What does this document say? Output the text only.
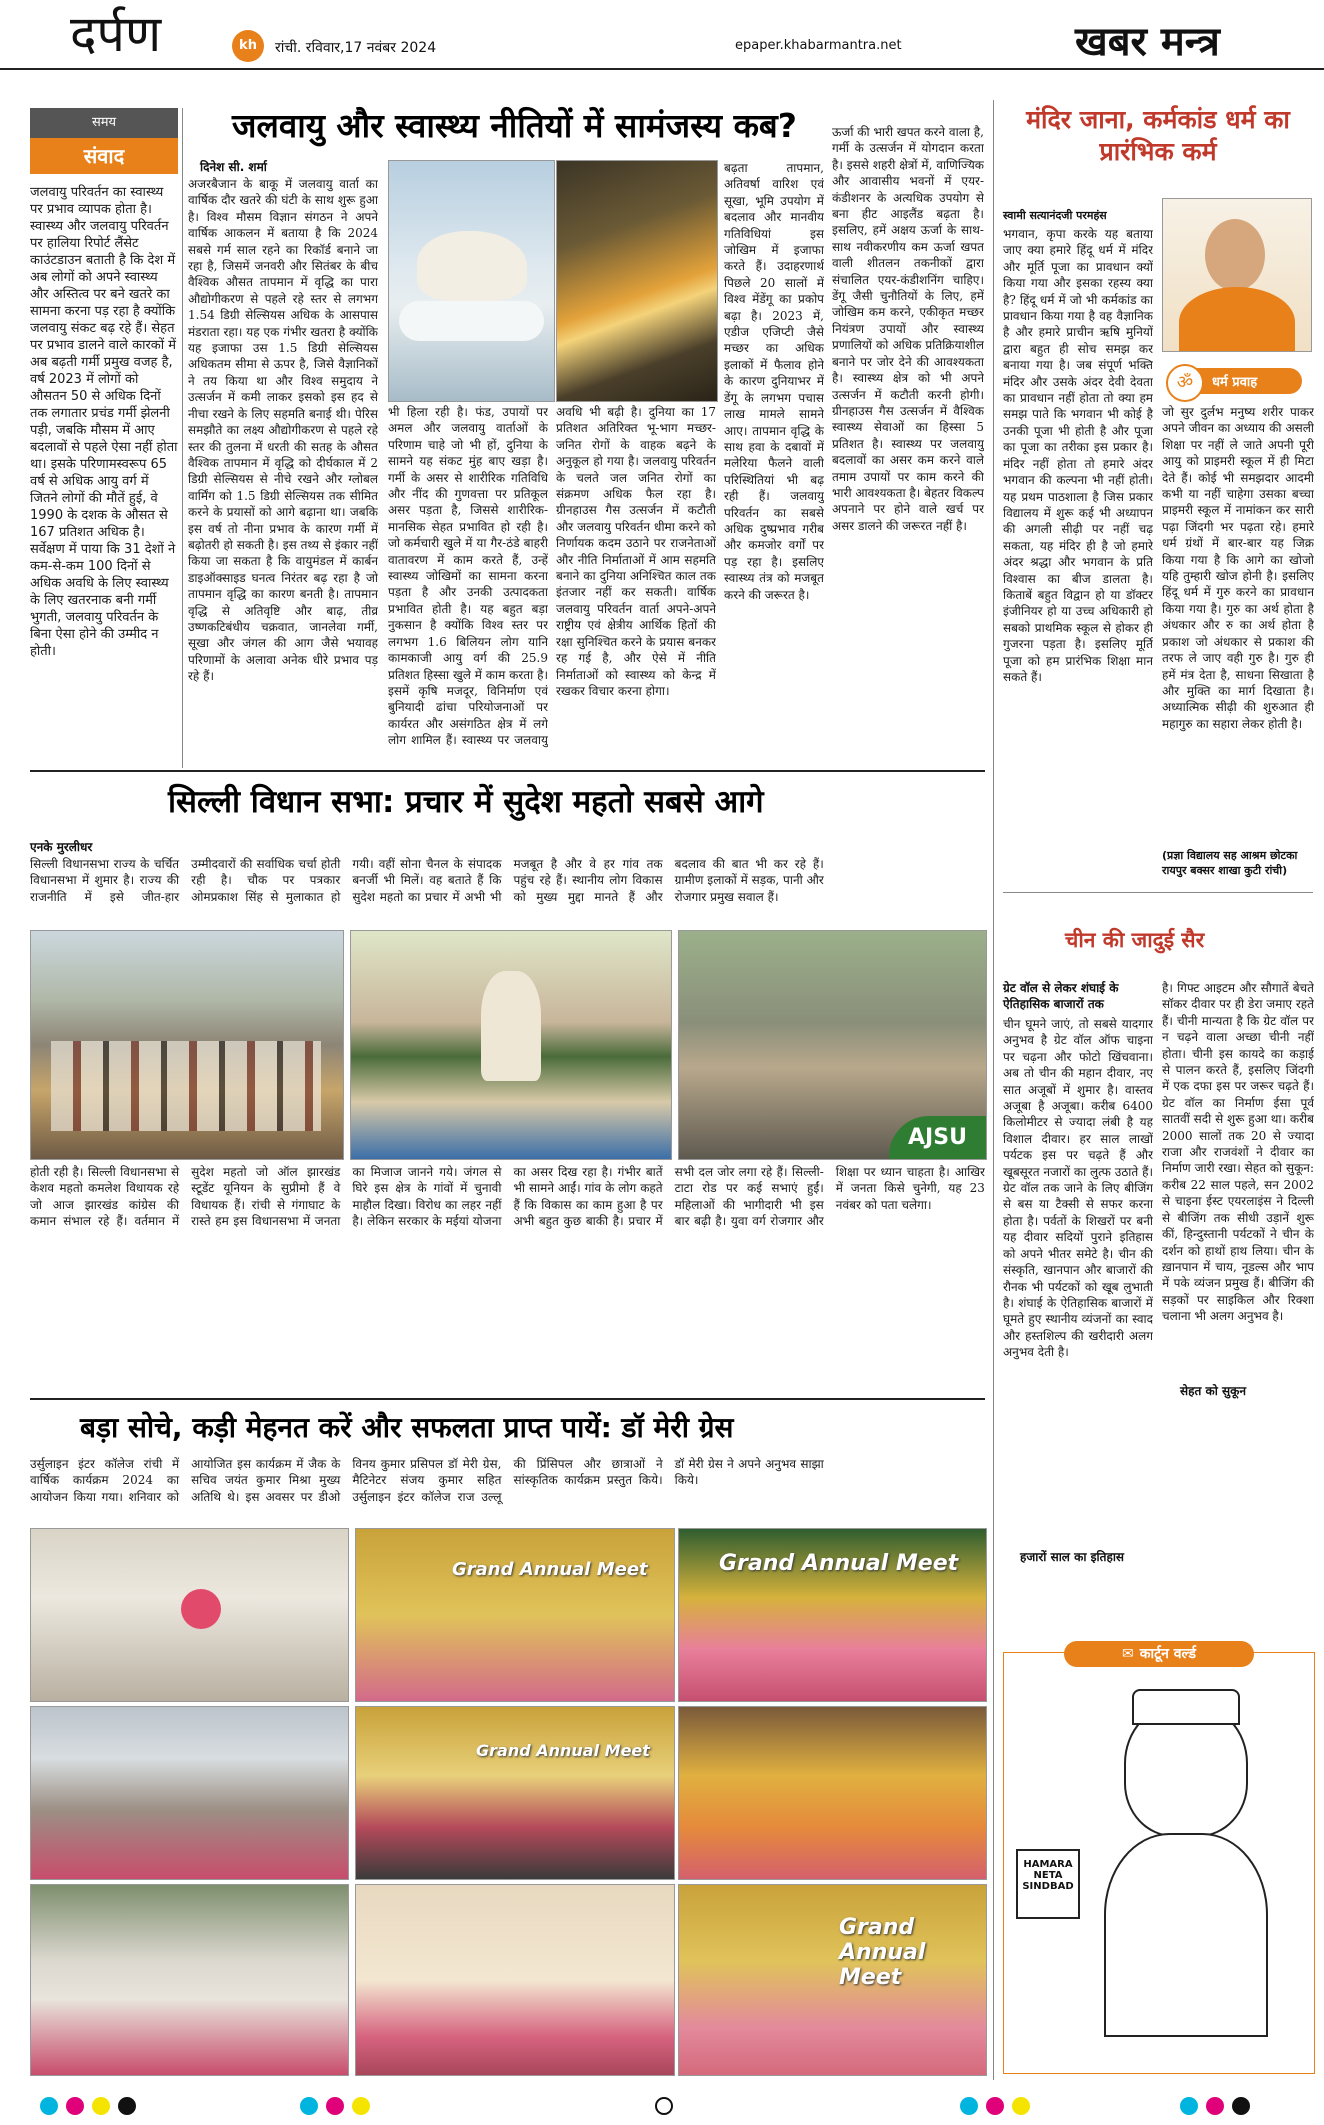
दर्पण	kh	रांची. रविवार,17 नवंबर 2024	epaper.khabarmantra.net	खबर मन्त्र
समय
संवाद
जलवायु परिवर्तन का स्वास्थ्य पर प्रभाव व्यापक होता है। स्वास्थ्य और जलवायु परिवर्तन पर हालिया रिपोर्ट लैंसेट काउंटडाउन बताती है कि देश में अब लोगों को अपने स्वास्थ्य और अस्तित्व पर बने खतरे का सामना करना पड़ रहा है क्योंकि जलवायु संकट बढ़ रहे हैं। सेहत पर प्रभाव डालने वाले कारकों में अब बढ़ती गर्मी प्रमुख वजह है, वर्ष 2023 में लोगों को औसतन 50 से अधिक दिनों तक लगातार प्रचंड गर्मी झेलनी पड़ी, जबकि मौसम में आए बदलावों से पहले ऐसा नहीं होता था। इसके परिणामस्वरूप 65 वर्ष से अधिक आयु वर्ग में जितने लोगों की मौतें हुई, वे 1990 के दशक के औसत से 167 प्रतिशत अधिक है। सर्वेक्षण में पाया कि 31 देशों ने कम-से-कम 100 दिनों से अधिक अवधि के लिए स्वास्थ्य के लिए खतरनाक बनी गर्मी भुगती, जलवायु परिवर्तन के बिना ऐसा होने की उम्मीद न होती।
जलवायु और स्वास्थ्य नीतियों में सामंजस्य कब?
दिनेश सी. शर्मा
अजरबैजान के बाकू में जलवायु वार्ता का वार्षिक दौर खतरे की घंटी के साथ शुरू हुआ है। विश्व मौसम विज्ञान संगठन ने अपने वार्षिक आकलन में बताया है कि 2024 सबसे गर्म साल रहने का रिकॉर्ड बनाने जा रहा है, जिसमें जनवरी और सितंबर के बीच वैश्विक औसत तापमान में वृद्धि का पारा औद्योगीकरण से पहले रहे स्तर से लगभग 1.54 डिग्री सेल्सियस अधिक के आसपास मंडराता रहा। यह एक गंभीर खतरा है क्योंकि यह इजाफा उस 1.5 डिग्री सेल्सियस अधिकतम सीमा से ऊपर है, जिसे वैज्ञानिकों ने तय किया था और विश्व समुदाय ने उत्सर्जन में कमी लाकर इसको इस हद से नीचा रखने के लिए सहमति बनाई थी। पेरिस समझौते का लक्ष्य औद्योगीकरण से पहले रहे स्तर की तुलना में धरती की सतह के औसत वैश्विक तापमान में वृद्धि को दीर्घकाल में 2 डिग्री सेल्सियस से नीचे रखने और ग्लोबल वार्मिंग को 1.5 डिग्री सेल्सियस तक सीमित करने के प्रयासों को आगे बढ़ाना था। जबकि इस वर्ष तो नीना प्रभाव के कारण गर्मी में बढ़ोतरी हो सकती है। इस तथ्य से इंकार नहीं किया जा सकता है कि वायुमंडल में कार्बन डाइऑक्साइड घनत्व निरंतर बढ़ रहा है जो तापमान वृद्धि का कारण बनती है। तापमान वृद्धि से अतिवृष्टि और बाढ़, तीव्र उष्णकटिबंधीय चक्रवात, जानलेवा गर्मी, सूखा और जंगल की आग जैसे भयावह परिणामों के अलावा अनेक धीरे प्रभाव पड़ रहे हैं।
भी हिला रही है। फंड, उपायों पर अमल और जलवायु वार्ताओं के परिणाम चाहे जो भी हों, दुनिया के सामने यह संकट मुंह बाए खड़ा है। गर्मी के असर से शारीरिक गतिविधि और नींद की गुणवत्ता पर प्रतिकूल असर पड़ता है, जिससे शारीरिक-मानसिक सेहत प्रभावित हो रही है। जो कर्मचारी खुले में या गैर-ठंडे बाहरी वातावरण में काम करते हैं, उन्हें स्वास्थ्य जोखिमों का सामना करना पड़ता है और उनकी उत्पादकता प्रभावित होती है। यह बहुत बड़ा नुकसान है क्योंकि विश्व स्तर पर लगभग 1.6 बिलियन लोग यानि कामकाजी आयु वर्ग की 25.9 प्रतिशत हिस्सा खुले में काम करता है। इसमें कृषि मजदूर, विनिर्माण एवं बुनियादी ढांचा परियोजनाओं पर कार्यरत और असंगठित क्षेत्र में लगे लोग शामिल हैं। स्वास्थ्य पर जलवायु
अवधि भी बढ़ी है। दुनिया का 17 प्रतिशत अतिरिक्त भू-भाग मच्छर-जनित रोगों के वाहक बढ़ने के अनुकूल हो गया है। जलवायु परिवर्तन के चलते जल जनित रोगों का संक्रमण अधिक फैल रहा है। ग्रीनहाउस गैस उत्सर्जन में कटौती और जलवायु परिवर्तन धीमा करने को निर्णायक कदम उठाने पर राजनेताओं और नीति निर्माताओं में आम सहमति बनाने का दुनिया अनिश्चित काल तक इंतजार नहीं कर सकती। वार्षिक जलवायु परिवर्तन वार्ता अपने-अपने राष्ट्रीय एवं क्षेत्रीय आर्थिक हितों की रक्षा सुनिश्चित करने के प्रयास बनकर रह गई है, और ऐसे में नीति निर्माताओं को स्वास्थ्य को केन्द्र में रखकर विचार करना होगा।
बढ़ता तापमान, अतिवर्षा वारिश एवं सूखा, भूमि उपयोग में बदलाव और मानवीय गतिविधियां इस जोखिम में इजाफा करते हैं। उदाहरणार्थ पिछले 20 सालों में विश्व मेंडेंगू का प्रकोप बढ़ा है। 2023 में, एडीज एजिप्टी जैसे मच्छर का अधिक इलाकों में फैलाव होने के कारण दुनियाभर में डेंगू के लगभग पचास लाख मामले सामने आए। तापमान वृद्धि के साथ हवा के दबावों में मलेरिया फैलने वाली परिस्थितियां भी बढ़ रही हैं। जलवायु परिवर्तन का सबसे अधिक दुष्प्रभाव गरीब और कमजोर वर्गों पर पड़ रहा है। इसलिए स्वास्थ्य तंत्र को मजबूत करने की जरूरत है।
ऊर्जा की भारी खपत करने वाला है, गर्मी के उत्सर्जन में योगदान करता है। इससे शहरी क्षेत्रों में, वाणिज्यिक और आवासीय भवनों में एयर-कंडीशनर के अत्यधिक उपयोग से बना हीट आइलैंड बढ़ता है। इसलिए, हमें अक्षय ऊर्जा के साथ-साथ नवीकरणीय कम ऊर्जा खपत वाली शीतलन तकनीकों द्वारा संचालित एयर-कंडीशनिंग चाहिए। डेंगू जैसी चुनौतियों के लिए, हमें जोखिम कम करने, एकीकृत मच्छर नियंत्रण उपायों और स्वास्थ्य प्रणालियों को अधिक प्रतिक्रियाशील बनाने पर जोर देने की आवश्यकता है। स्वास्थ्य क्षेत्र को भी अपने उत्सर्जन में कटौती करनी होगी। ग्रीनहाउस गैस उत्सर्जन में वैश्विक स्वास्थ्य सेवाओं का हिस्सा 5 प्रतिशत है। स्वास्थ्य पर जलवायु बदलावों का असर कम करने वाले तमाम उपायों पर काम करने की भारी आवश्यकता है। बेहतर विकल्प अपनाने पर होने वाले खर्च पर असर डालने की जरूरत नहीं है।
मंदिर जाना, कर्मकांड धर्म का प्रारंभिक कर्म
स्वामी सत्यानंदजी परमहंस
ॐ	धर्म प्रवाह
भगवान, कृपा करके यह बताया जाए क्या हमारे हिंदू धर्म में मंदिर और मूर्ति पूजा का प्रावधान क्यों किया गया और इसका रहस्य क्या है? हिंदू धर्म में जो भी कर्मकांड का प्रावधान किया गया है वह वैज्ञानिक है और हमारे प्राचीन ऋषि मुनियों द्वारा बहुत ही सोच समझ कर बनाया गया है। जब संपूर्ण भक्ति मंदिर और उसके अंदर देवी देवता का प्रावधान नहीं होता तो क्या हम समझ पाते कि भगवान भी कोई है उनकी पूजा भी होती है और पूजा का पूजा का तरीका इस प्रकार है। मंदिर नहीं होता तो हमारे अंदर भगवान की कल्पना भी नहीं होती। यह प्रथम पाठशाला है जिस प्रकार विद्यालय में शुरू कई भी अध्यापन की अगली सीढ़ी पर नहीं चढ़ सकता, यह मंदिर ही है जो हमारे अंदर श्रद्धा और भगवान के प्रति विश्वास का बीज डालता है। किताबें बहुत विद्वान हो या डॉक्टर इंजीनियर हो या उच्च अधिकारी हो सबको प्राथमिक स्कूल से होकर ही गुजरना पड़ता है। इसलिए मूर्ति पूजा को हम प्रारंभिक शिक्षा मान सकते हैं।
जो सुर दुर्लभ मनुष्य शरीर पाकर अपने जीवन का अध्याय की असली शिक्षा पर नहीं ले जाते अपनी पूरी आयु को प्राइमरी स्कूल में ही मिटा देते हैं। कोई भी समझदार आदमी कभी या नहीं चाहेगा उसका बच्चा प्राइमरी स्कूल में नामांकन कर सारी पढ़ा जिंदगी भर पढ़ता रहे। हमारे धर्म ग्रंथों में बार-बार यह जिक्र किया गया है कि आगे का खोजो यहि तुम्हारी खोज होनी है। इसलिए हिंदू धर्म में गुरु करने का प्रावधान किया गया है। गुरु का अर्थ होता है अंधकार और रु का अर्थ होता है प्रकाश जो अंधकार से प्रकाश की तरफ ले जाए वही गुरु है। गुरु ही हमें मंत्र देता है, साधना सिखाता है और मुक्ति का मार्ग दिखाता है। अध्यात्मिक सीढ़ी की शुरुआत ही महागुरु का सहारा लेकर होती है।
(प्रज्ञा विद्यालय सह आश्रम छोटका रायपुर बक्सर शाखा कुटी रांची)
चीन की जादुई सैर
ग्रेट वॉल से लेकर शंघाई के ऐतिहासिक बाजारों तक
चीन घूमने जाएं, तो सबसे यादगार अनुभव है ग्रेट वॉल ऑफ चाइना पर चढ़ना और फोटो खिंचवाना। अब तो चीन की महान दीवार, नए सात अजूबों में शुमार है। वास्तव अजूबा है अजूबा। करीब 6400 किलोमीटर से ज्यादा लंबी है यह विशाल दीवार। हर साल लाखों पर्यटक इस पर चढ़ते हैं और खूबसूरत नजारों का लुत्फ उठाते हैं। ग्रेट वॉल तक जाने के लिए बीजिंग से बस या टैक्सी से सफर करना होता है। पर्वतों के शिखरों पर बनी यह दीवार सदियों पुराने इतिहास को अपने भीतर समेटे है। चीन की संस्कृति, खानपान और बाजारों की रौनक भी पर्यटकों को खूब लुभाती है। शंघाई के ऐतिहासिक बाजारों में घूमते हुए स्थानीय व्यंजनों का स्वाद और हस्तशिल्प की खरीदारी अलग अनुभव देती है।
है। गिफ्ट आइटम और सौगातें बेचते सॉकर दीवार पर ही डेरा जमाए रहते हैं। चीनी मान्यता है कि ग्रेट वॉल पर न चढ़ने वाला अच्छा चीनी नहीं होता। चीनी इस कायदे का कड़ाई से पालन करते हैं, इसलिए जिंदगी में एक दफा इस पर जरूर चढ़ते हैं। ग्रेट वॉल का निर्माण ईसा पूर्व सातवीं सदी से शुरू हुआ था। करीब 2000 सालों तक 20 से ज्यादा राजा और राजवंशों ने दीवार का निर्माण जारी रखा। सेहत को सुकून: करीब 22 साल पहले, सन 2002 से चाइना ईस्ट एयरलाइंस ने दिल्ली से बीजिंग तक सीधी उड़ानें शुरू कीं, हिन्दुस्तानी पर्यटकों ने चीन के दर्शन को हाथों हाथ लिया। चीन के ख़ानपान में चाय, नूडल्स और भाप में पके व्यंजन प्रमुख हैं। बीजिंग की सड़कों पर साइकिल और रिक्शा चलाना भी अलग अनुभव है।
हजारों साल का इतिहास
सेहत को सुकून
✉ कार्टून वर्ल्ड
HAMARA NETA SINDBAD
सिल्ली विधान सभा: प्रचार में सुदेश महतो सबसे आगे
एनके मुरलीधर
सिल्ली विधानसभा राज्य के चर्चित विधानसभा में शुमार है। राज्य की राजनीति में इसे जीत-हार उम्मीदवारों की सर्वाधिक चर्चा होती रही है। चौक पर पत्रकार ओमप्रकाश सिंह से मुलाकात हो गयी। वहीं सोना चैनल के संपादक बनर्जी भी मिलें। वह बताते हैं कि सुदेश महतो का प्रचार में अभी भी मजबूत है और वे हर गांव तक पहुंच रहे हैं। स्थानीय लोग विकास को मुख्य मुद्दा मानते हैं और बदलाव की बात भी कर रहे हैं। ग्रामीण इलाकों में सड़क, पानी और रोजगार प्रमुख सवाल हैं।
AJSU
होती रही है। सिल्ली विधानसभा से केशव महतो कमलेश विधायक रहे जो आज झारखंड कांग्रेस की कमान संभाल रहे हैं। वर्तमान में सुदेश महतो जो ऑल झारखंड स्टूडेंट यूनियन के सुप्रीमो हैं वे विधायक हैं। रांची से गंगाघाट के रास्ते हम इस विधानसभा में जनता का मिजाज जानने गये। जंगल से घिरे इस क्षेत्र के गांवों में चुनावी माहौल दिखा। विरोध का लहर नहीं है। लेकिन सरकार के मईयां योजना का असर दिख रहा है। गंभीर बातें भी सामने आईं। गांव के लोग कहते हैं कि विकास का काम हुआ है पर अभी बहुत कुछ बाकी है। प्रचार में सभी दल जोर लगा रहे हैं। सिल्ली-टाटा रोड पर कई सभाएं हुईं। महिलाओं की भागीदारी भी इस बार बढ़ी है। युवा वर्ग रोजगार और शिक्षा पर ध्यान चाहता है। आखिर में जनता किसे चुनेगी, यह 23 नवंबर को पता चलेगा।
बड़ा सोचे, कड़ी मेहनत करें और सफलता प्राप्त पायें: डॉ मेरी ग्रेस
उर्सुलाइन इंटर कॉलेज रांची में वार्षिक कार्यक्रम 2024 का आयोजन किया गया। शनिवार को आयोजित इस कार्यक्रम में जैक के सचिव जयंत कुमार मिश्रा मुख्य अतिथि थे। इस अवसर पर डीओ विनय कुमार प्रसिपल डॉ मेरी ग्रेस, मैटिनेटर संजय कुमार सहित उर्सुलाइन इंटर कॉलेज राज उल्लू की प्रिंसिपल और छात्राओं ने सांस्कृतिक कार्यक्रम प्रस्तुत किये। डॉ मेरी ग्रेस ने अपने अनुभव साझा किये।
Grand Annual Meet	Grand Annual Meet
Grand Annual Meet
Grand Annual Meet
